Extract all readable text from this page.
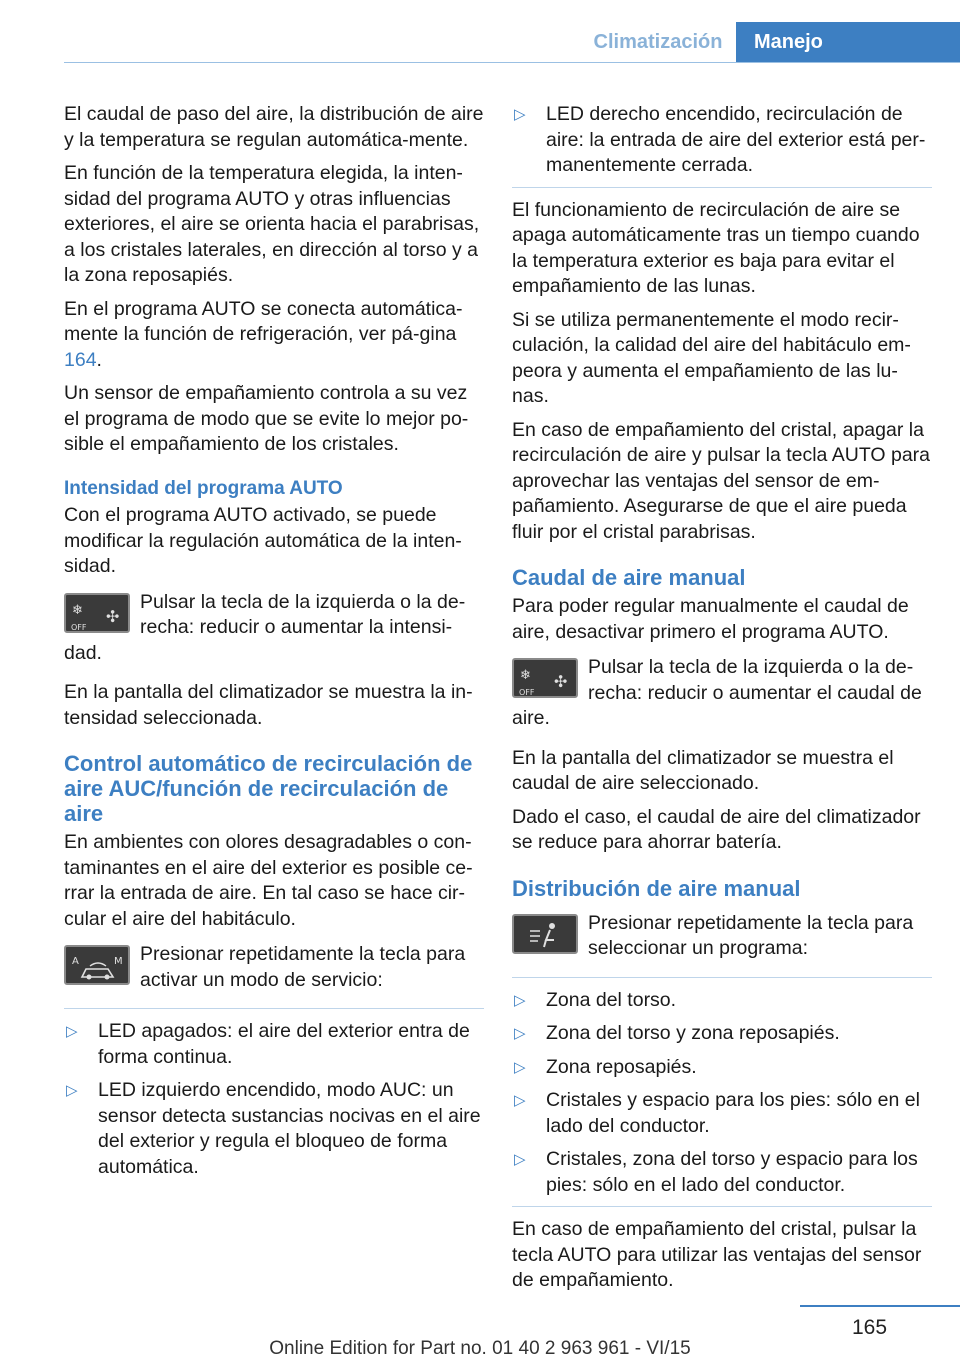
Climatización	Manejo

El caudal de paso del aire, la distribución de aire y la temperatura se regulan automática-mente.

En función de la temperatura elegida, la inten-sidad del programa AUTO y otras influencias exteriores, el aire se orienta hacia el parabrisas, a los cristales laterales, en dirección al torso y a la zona reposapiés.

En el programa AUTO se conecta automática-mente la función de refrigeración, ver pá-gina 164.

Un sensor de empañamiento controla a su vez el programa de modo que se evite lo mejor po-sible el empañamiento de los cristales.

Intensidad del programa AUTO

Con el programa AUTO activado, se puede modificar la regulación automática de la inten-sidad.

❄
OFF
✣
Pulsar la tecla de la izquierda o la de-recha: reducir o aumentar la intensi-dad.

En la pantalla del climatizador se muestra la in-tensidad seleccionada.

Control automático de recirculación de aire AUC/función de recirculación de aire

En ambientes con olores desagradables o con-taminantes en el aire del exterior es posible ce-rrar la entrada de aire. En tal caso se hace cir-cular el aire del habitáculo.

A	M Presionar repetidamente la tecla para activar un modo de servicio:
▷ LED apagados: el aire del exterior entra de forma continua.
▷ LED izquierdo encendido, modo AUC: un sensor detecta sustancias nocivas en el aire del exterior y regula el bloqueo de forma automática.
▷ LED derecho encendido, recirculación de aire: la entrada de aire del exterior está per-manentemente cerrada.

El funcionamiento de recirculación de aire se apaga automáticamente tras un tiempo cuando la temperatura exterior es baja para evitar el empañamiento de las lunas.

Si se utiliza permanentemente el modo recir-culación, la calidad del aire del habitáculo em-peora y aumenta el empañamiento de las lu-nas.

En caso de empañamiento del cristal, apagar la recirculación de aire y pulsar la tecla AUTO para aprovechar las ventajas del sensor de em-pañamiento. Asegurarse de que el aire pueda fluir por el cristal parabrisas.

Caudal de aire manual

Para poder regular manualmente el caudal de aire, desactivar primero el programa AUTO.

❄
OFF
✣
Pulsar la tecla de la izquierda o la de-recha: reducir o aumentar el caudal de aire.

En la pantalla del climatizador se muestra el caudal de aire seleccionado.

Dado el caso, el caudal de aire del climatizador se reduce para ahorrar batería.

Distribución de aire manual
Presionar repetidamente la tecla para seleccionar un programa:
▷ Zona del torso.
▷ Zona del torso y zona reposapiés.
▷ Zona reposapiés.
▷ Cristales y espacio para los pies: sólo en el lado del conductor.
▷ Cristales, zona del torso y espacio para los pies: sólo en el lado del conductor.

En caso de empañamiento del cristal, pulsar la tecla AUTO para utilizar las ventajas del sensor de empañamiento.

165
Online Edition for Part no. 01 40 2 963 961 - VI/15
